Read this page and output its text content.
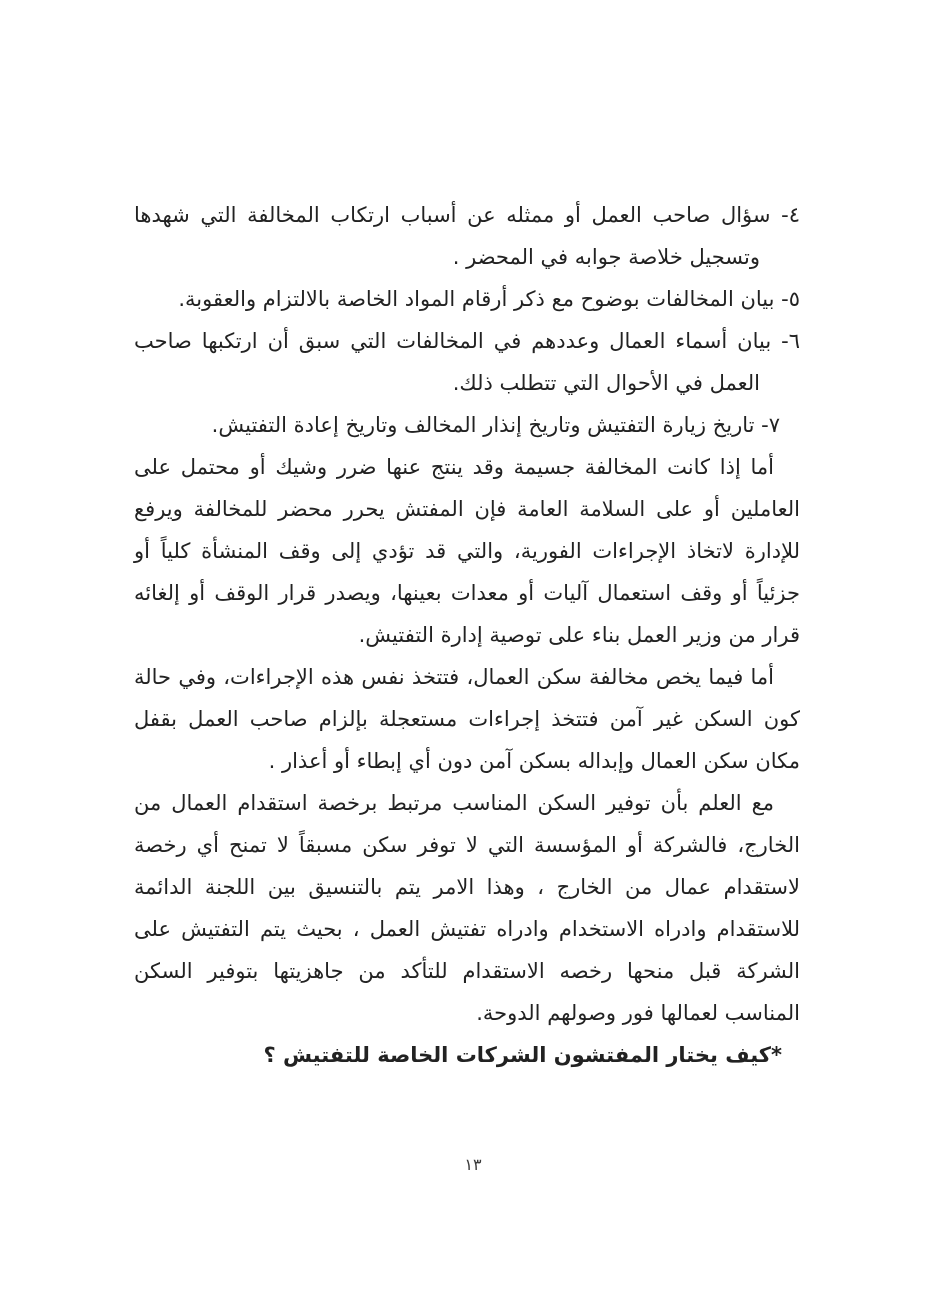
٤- سؤال صاحب العمل أو ممثله عن أسباب ارتكاب المخالفة التي شهدها وتسجيل خلاصة جوابه في المحضر .
٥- بيان المخالفات بوضوح مع ذكر أرقام المواد الخاصة بالالتزام والعقوبة.
٦- بيان أسماء العمال وعددهم في المخالفات التي سبق أن ارتكبها صاحب العمل في الأحوال التي تتطلب ذلك.
٧- تاريخ زيارة التفتيش وتاريخ إنذار المخالف وتاريخ إعادة التفتيش.

أما إذا كانت المخالفة جسيمة وقد ينتج عنها ضرر وشيك أو محتمل على العاملين أو على السلامة العامة فإن المفتش يحرر محضر للمخالفة ويرفع للإدارة لاتخاذ الإجراءات الفورية، والتي قد تؤدي إلى وقف المنشأة كلياً أو جزئياً أو وقف استعمال آليات أو معدات بعينها، ويصدر قرار الوقف أو إلغائه قرار من وزير العمل بناء على توصية إدارة التفتيش.

أما فيما يخص مخالفة سكن العمال، فتتخذ نفس هذه الإجراءات، وفي حالة كون السكن غير آمن فتتخذ إجراءات مستعجلة بإلزام صاحب العمل بقفل مكان سكن العمال وإبداله بسكن آمن دون أي إبطاء أو أعذار .

مع العلم بأن توفير السكن المناسب مرتبط برخصة استقدام العمال من الخارج، فالشركة أو المؤسسة التي لا توفر سكن مسبقاً لا تمنح أي رخصة لاستقدام عمال من الخارج ، وهذا الامر يتم بالتنسيق بين اللجنة الدائمة للاستقدام وادراه الاستخدام وادراه تفتيش العمل ، بحيث يتم التفتيش على الشركة قبل منحها رخصه الاستقدام للتأكد من جاهزيتها بتوفير السكن المناسب لعمالها فور وصولهم الدوحة.

*كيف يختار المفتشون الشركات الخاصة للتفتيش ؟
١٣
